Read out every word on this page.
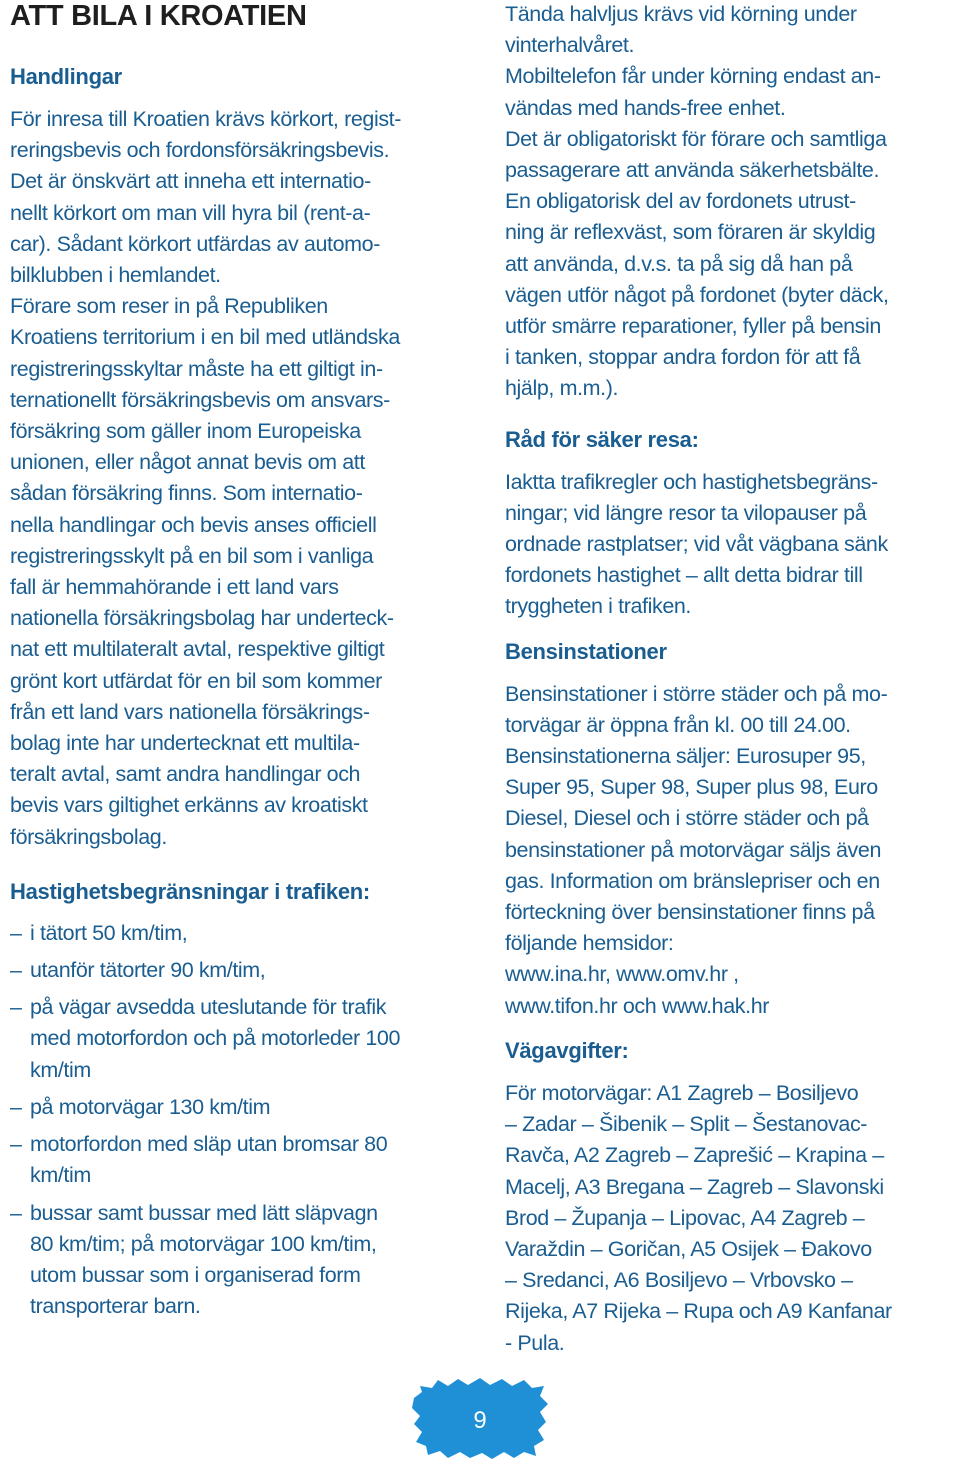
ATT BILA I KROATIEN
Handlingar
För inresa till Kroatien krävs körkort, regist-
reringsbevis och fordonsförsäkringsbevis.
Det är önskvärt att inneha ett internatio-
nellt körkort om man vill hyra bil (rent-a-
car). Sådant körkort utfärdas av automo-
bilklubben i hemlandet.
Förare som reser in på Republiken
Kroatiens territorium i en bil med utländska
registreringsskyltar måste ha ett giltigt in-
ternationellt försäkringsbevis om ansvars-
försäkring som gäller inom Europeiska
unionen, eller något annat bevis om att
sådan försäkring finns. Som internatio-
nella handlingar och bevis anses officiell
registreringsskylt på en bil som i vanliga
fall är hemmahörande i ett land vars
nationella försäkringsbolag har underteck-
nat ett multilateralt avtal, respektive giltigt
grönt kort utfärdat för en bil som kommer
från ett land vars nationella försäkrings-
bolag inte har undertecknat ett multila-
teralt avtal, samt andra handlingar och
bevis vars giltighet erkänns av kroatiskt
försäkringsbolag.
Hastighetsbegränsningar i trafiken:
– i tätort 50 km/tim,
– utanför tätorter 90 km/tim,
– på vägar avsedda uteslutande för trafik
med motorfordon och på motorleder 100
km/tim
– på motorvägar 130 km/tim
– motorfordon med släp utan bromsar 80
km/tim
– bussar samt bussar med lätt släpvagn
80 km/tim; på motorvägar 100 km/tim,
utom bussar som i organiserad form
transporterar barn.
Tända halvljus krävs vid körning under
vinterhalvåret.
Mobiltelefon får under körning endast an-
vändas med hands-free enhet.
Det är obligatoriskt för förare och samtliga
passagerare att använda säkerhetsbälte.
En obligatorisk del av fordonets utrust-
ning är reflexväst, som föraren är skyldig
att använda, d.v.s. ta på sig då han på
vägen utför något på fordonet (byter däck,
utför smärre reparationer, fyller på bensin
i tanken, stoppar andra fordon för att få
hjälp, m.m.).
Råd för säker resa:
Iaktta trafikregler och hastighetsbegräns-
ningar; vid längre resor ta vilopauser på
ordnade rastplatser; vid våt vägbana sänk
fordonets hastighet – allt detta bidrar till
tryggheten i trafiken.
Bensinstationer
Bensinstationer i större städer och på mo-
torvägar är öppna från kl. 00 till 24.00.
Bensinstationerna säljer: Eurosuper 95,
Super 95, Super 98, Super plus 98, Euro
Diesel, Diesel och i större städer och på
bensinstationer på motorvägar säljs även
gas. Information om bränslepriser och en
förteckning över bensinstationer finns på
följande hemsidor:
www.ina.hr, www.omv.hr ,
www.tifon.hr och www.hak.hr
Vägavgifter:
För motorvägar: A1 Zagreb – Bosiljevo
– Zadar – Šibenik – Split – Šestanovac-
Ravča, A2 Zagreb – Zaprešić – Krapina –
Macelj, A3 Bregana – Zagreb – Slavonski
Brod – Županja – Lipovac, A4 Zagreb –
Varaždin – Goričan, A5 Osijek – Đakovo
– Sredanci, A6 Bosiljevo – Vrbovsko –
Rijeka, A7 Rijeka – Rupa och A9 Kanfanar
- Pula.
9
